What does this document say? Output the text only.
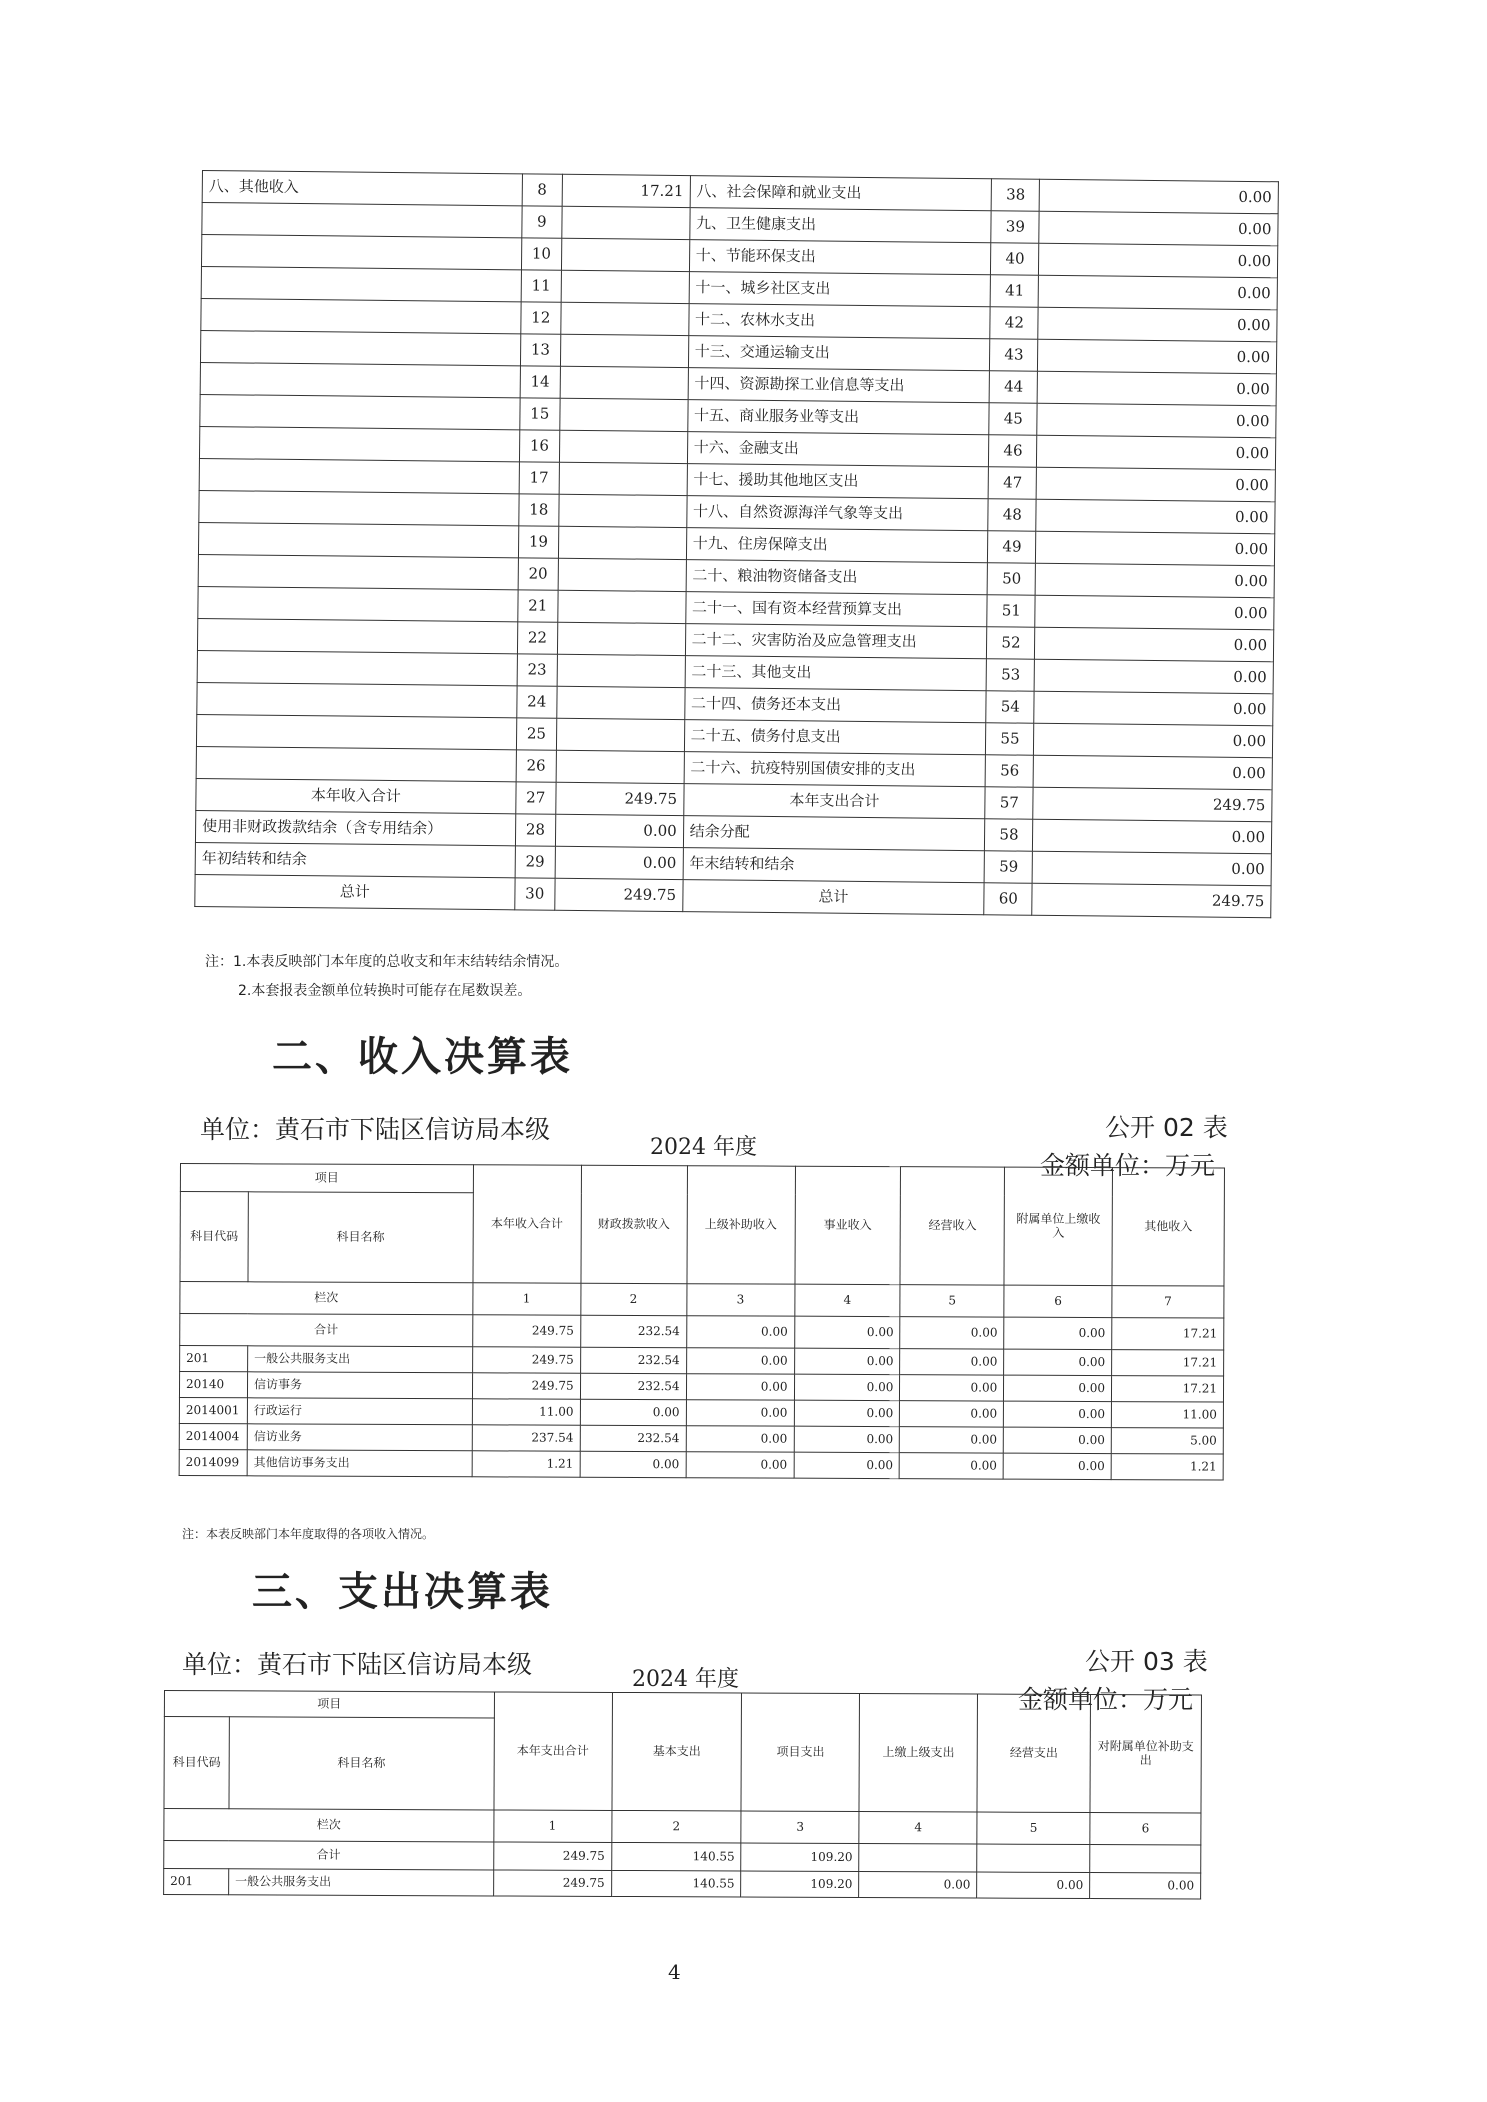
八、其他收入	8	17.21	八、社会保障和就业支出	38	0.00
	9		九、卫生健康支出	39	0.00
	10		十、节能环保支出	40	0.00
	11		十一、城乡社区支出	41	0.00
	12		十二、农林水支出	42	0.00
	13		十三、交通运输支出	43	0.00
	14		十四、资源勘探工业信息等支出	44	0.00
	15		十五、商业服务业等支出	45	0.00
	16		十六、金融支出	46	0.00
	17		十七、援助其他地区支出	47	0.00
	18		十八、自然资源海洋气象等支出	48	0.00
	19		十九、住房保障支出	49	0.00
	20		二十、粮油物资储备支出	50	0.00
	21		二十一、国有资本经营预算支出	51	0.00
	22		二十二、灾害防治及应急管理支出	52	0.00
	23		二十三、其他支出	53	0.00
	24		二十四、债务还本支出	54	0.00
	25		二十五、债务付息支出	55	0.00
	26		二十六、抗疫特别国债安排的支出	56	0.00
本年收入合计	27	249.75	本年支出合计	57	249.75
使用非财政拨款结余（含专用结余）	28	0.00	结余分配	58	0.00
年初结转和结余	29	0.00	年末结转和结余	59	0.00
总计	30	249.75	总计	60	249.75
注：1.本表反映部门本年度的总收支和年末结转结余情况。
2.本套报表金额单位转换时可能存在尾数误差。
二、收入决算表
单位：黄石市下陆区信访局本级
2024 年度
公开 02 表
金额单位：万元
项目		本年收入合计	财政拨款收入	上级补助收入	事业收入	经营收入	附属单位上缴收入	其他收入
科目代码	科目名称							
栏次		1	2	3	4	5	6	7
合计		249.75	232.54	0.00	0.00	0.00	0.00	17.21
201	一般公共服务支出	249.75	232.54	0.00	0.00	0.00	0.00	17.21
20140	信访事务	249.75	232.54	0.00	0.00	0.00	0.00	17.21
2014001	行政运行	11.00	0.00	0.00	0.00	0.00	0.00	11.00
2014004	信访业务	237.54	232.54	0.00	0.00	0.00	0.00	5.00
2014099	其他信访事务支出	1.21	0.00	0.00	0.00	0.00	0.00	1.21
注：本表反映部门本年度取得的各项收入情况。
三、支出决算表
单位：黄石市下陆区信访局本级
2024 年度
公开 03 表
金额单位：万元
项目		本年支出合计	基本支出	项目支出	上缴上级支出	经营支出	对附属单位补助支出
科目代码	科目名称						
栏次		1	2	3	4	5	6
合计		249.75	140.55	109.20			
201	一般公共服务支出	249.75	140.55	109.20	0.00	0.00	0.00
4
